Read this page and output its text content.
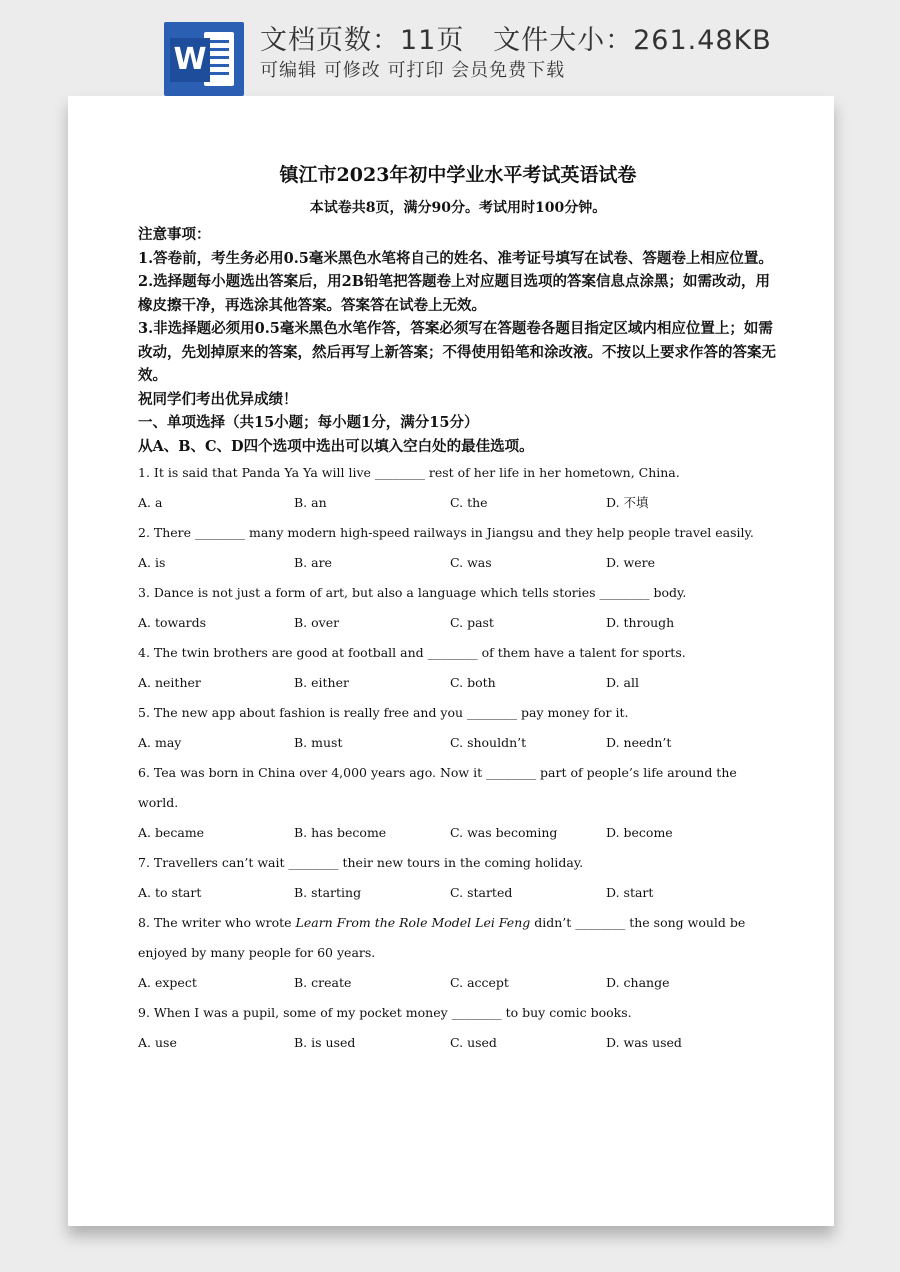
W
文档页数：11页   文件大小：261.48KB
可编辑 可修改 可打印 会员免费下载
镇江市2023年初中学业水平考试英语试卷
本试卷共8页，满分90分。考试用时100分钟。
注意事项：
1.答卷前，考生务必用0.5毫米黑色水笔将自己的姓名、准考证号填写在试卷、答题卷上相应位置。
2.选择题每小题选出答案后，用2B铅笔把答题卷上对应题目选项的答案信息点涂黑；如需改动，用橡皮擦干净，再选涂其他答案。答案答在试卷上无效。
3.非选择题必须用0.5毫米黑色水笔作答，答案必须写在答题卷各题目指定区域内相应位置上；如需改动，先划掉原来的答案，然后再写上新答案；不得使用铅笔和涂改液。不按以上要求作答的答案无效。
祝同学们考出优异成绩！
一、单项选择（共15小题；每小题1分，满分15分）
从A、B、C、D四个选项中选出可以填入空白处的最佳选项。
1. It is said that Panda Ya Ya will live ________ rest of her life in her hometown, China.
A. a	B. an	C. the	D. 不填
2. There ________ many modern high-speed railways in Jiangsu and they help people travel easily.
A. is	B. are	C. was	D. were
3. Dance is not just a form of art, but also a language which tells stories ________ body.
A. towards	B. over	C. past	D. through
4. The twin brothers are good at football and ________ of them have a talent for sports.
A. neither	B. either	C. both	D. all
5. The new app about fashion is really free and you ________ pay money for it.
A. may	B. must	C. shouldn’t	D. needn’t
6. Tea was born in China over 4,000 years ago. Now it ________ part of people’s life around the world.
A. became	B. has become	C. was becoming	D. become
7. Travellers can’t wait ________ their new tours in the coming holiday.
A. to start	B. starting	C. started	D. start
8. The writer who wrote Learn From the Role Model Lei Feng didn’t ________ the song would be enjoyed by many people for 60 years.
A. expect	B. create	C. accept	D. change
9. When I was a pupil, some of my pocket money ________ to buy comic books.
A. use	B. is used	C. used	D. was used
